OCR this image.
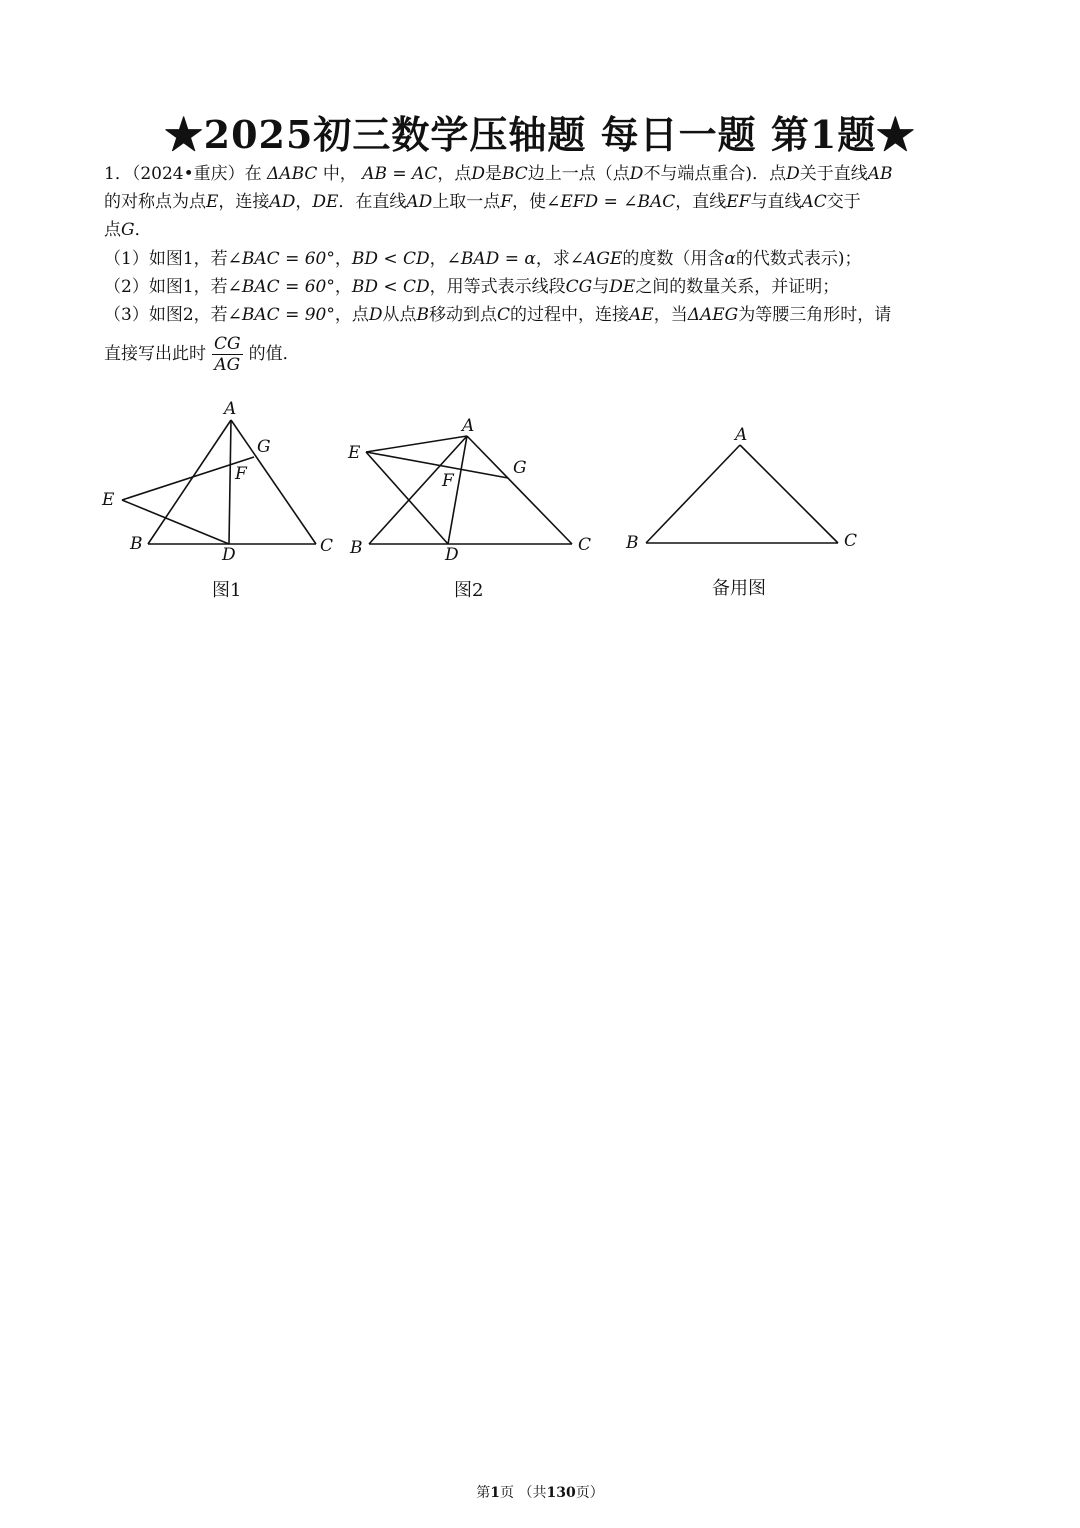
★2025初三数学压轴题 每日一题 第1题★
1．（2024•重庆）在 ΔABC 中， AB = AC，点D是BC边上一点（点D不与端点重合)．点D关于直线AB
的对称点为点E，连接AD，DE．在直线AD上取一点F，使∠EFD = ∠BAC，直线EF与直线AC交于
点G．
（1）如图1，若∠BAC = 60°，BD < CD，∠BAD = α，求∠AGE的度数（用含α的代数式表示)；
（2）如图1，若∠BAC = 60°，BD < CD，用等式表示线段CG与DE之间的数量关系，并证明；
（3）如图2，若∠BAC = 90°，点D从点B移动到点C的过程中，连接AE，当ΔAEG为等腰三角形时，请
直接写出此时 $\frac{CG}{AG}$ 的值．
A
B	C
D
E
F
G
A
B	C
D
E
F
G
A
B	C
图1	图2	备用图
第1页 （共130页）
